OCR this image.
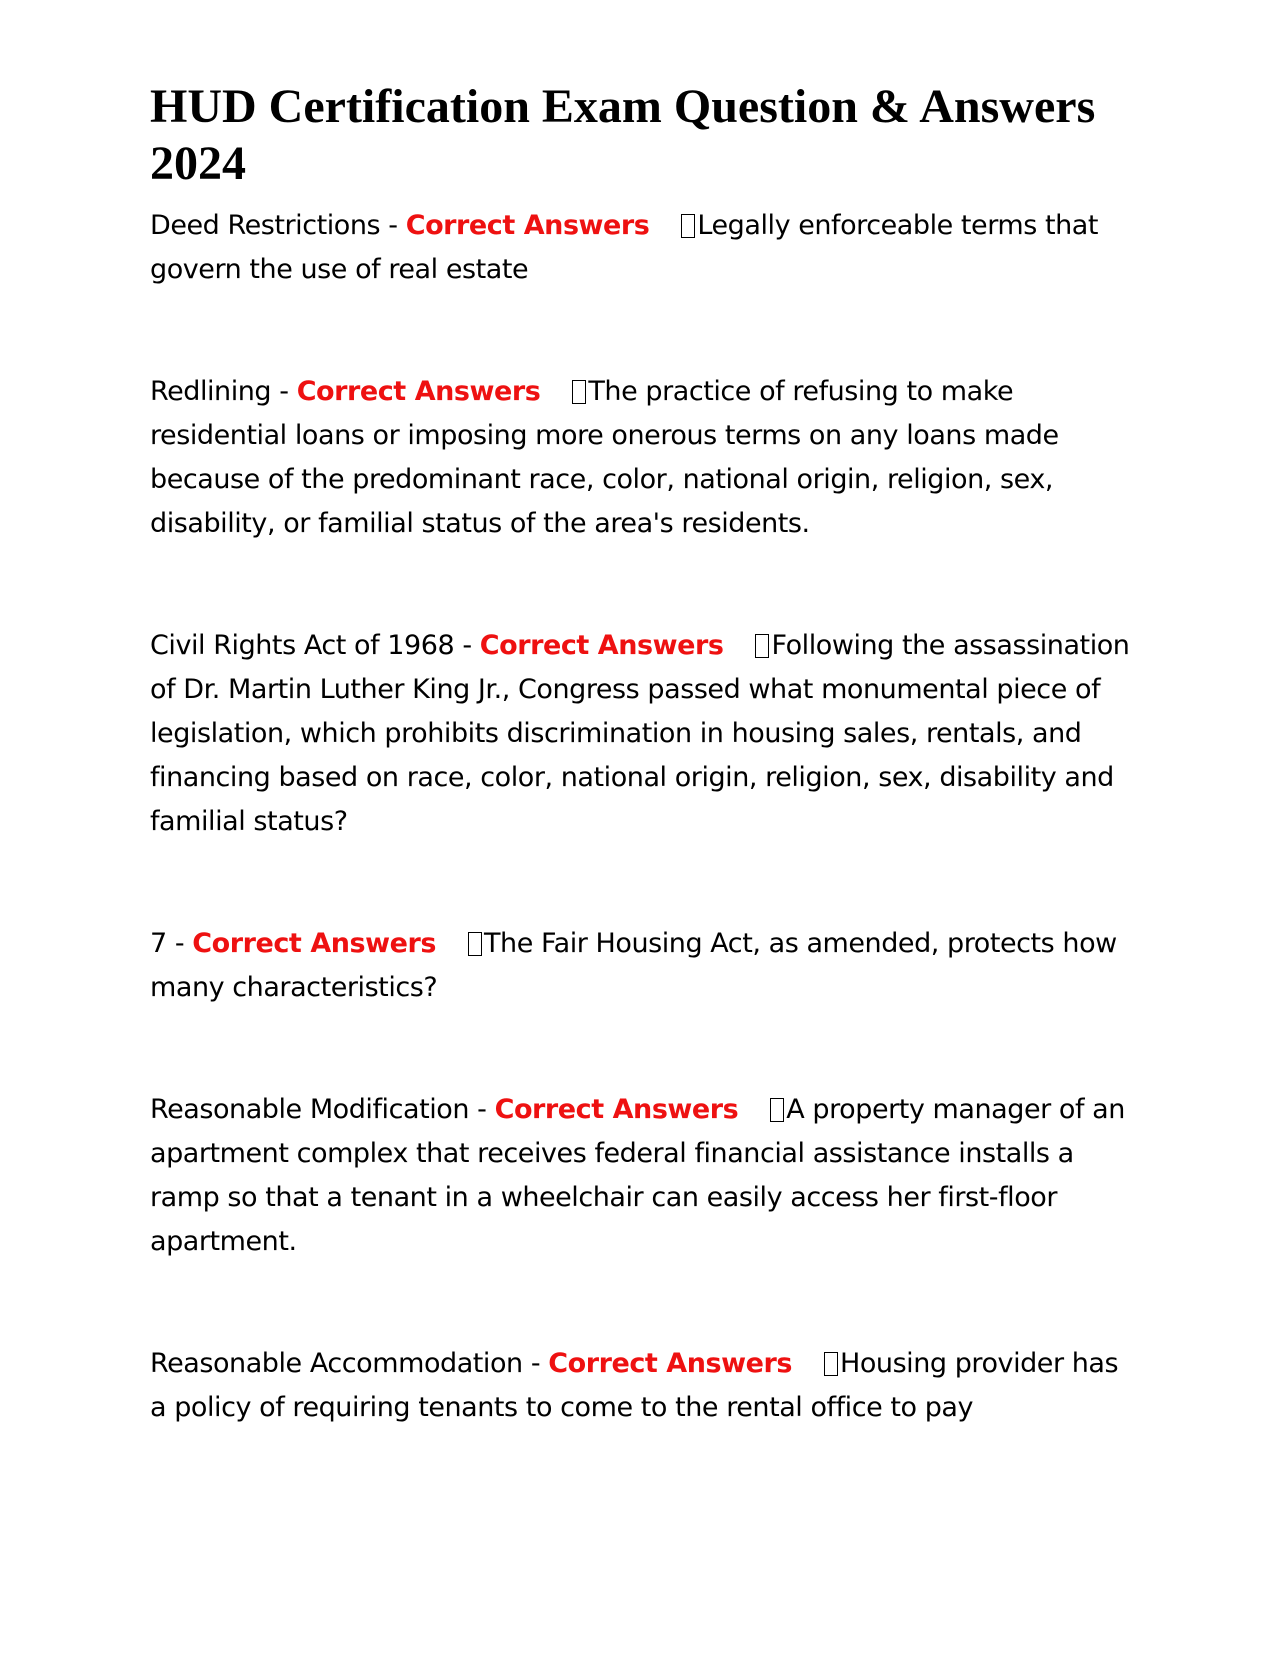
HUD Certification Exam Question & Answers 2024

Deed Restrictions - Correct Answers Legally enforceable terms that govern the use of real estate

Redlining - Correct Answers The practice of refusing to make residential loans or imposing more onerous terms on any loans made because of the predominant race, color, national origin, religion, sex, disability, or familial status of the area's residents.

Civil Rights Act of 1968 - Correct Answers Following the assassination of Dr. Martin Luther King Jr., Congress passed what monumental piece of legislation, which prohibits discrimination in housing sales, rentals, and financing based on race, color, national origin, religion, sex, disability and familial status?

7 - Correct Answers The Fair Housing Act, as amended, protects how many characteristics?

Reasonable Modification - Correct Answers A property manager of an apartment complex that receives federal financial assistance installs a ramp so that a tenant in a wheelchair can easily access her first-floor apartment.

Reasonable Accommodation - Correct Answers Housing provider has a policy of requiring tenants to come to the rental office to pay
